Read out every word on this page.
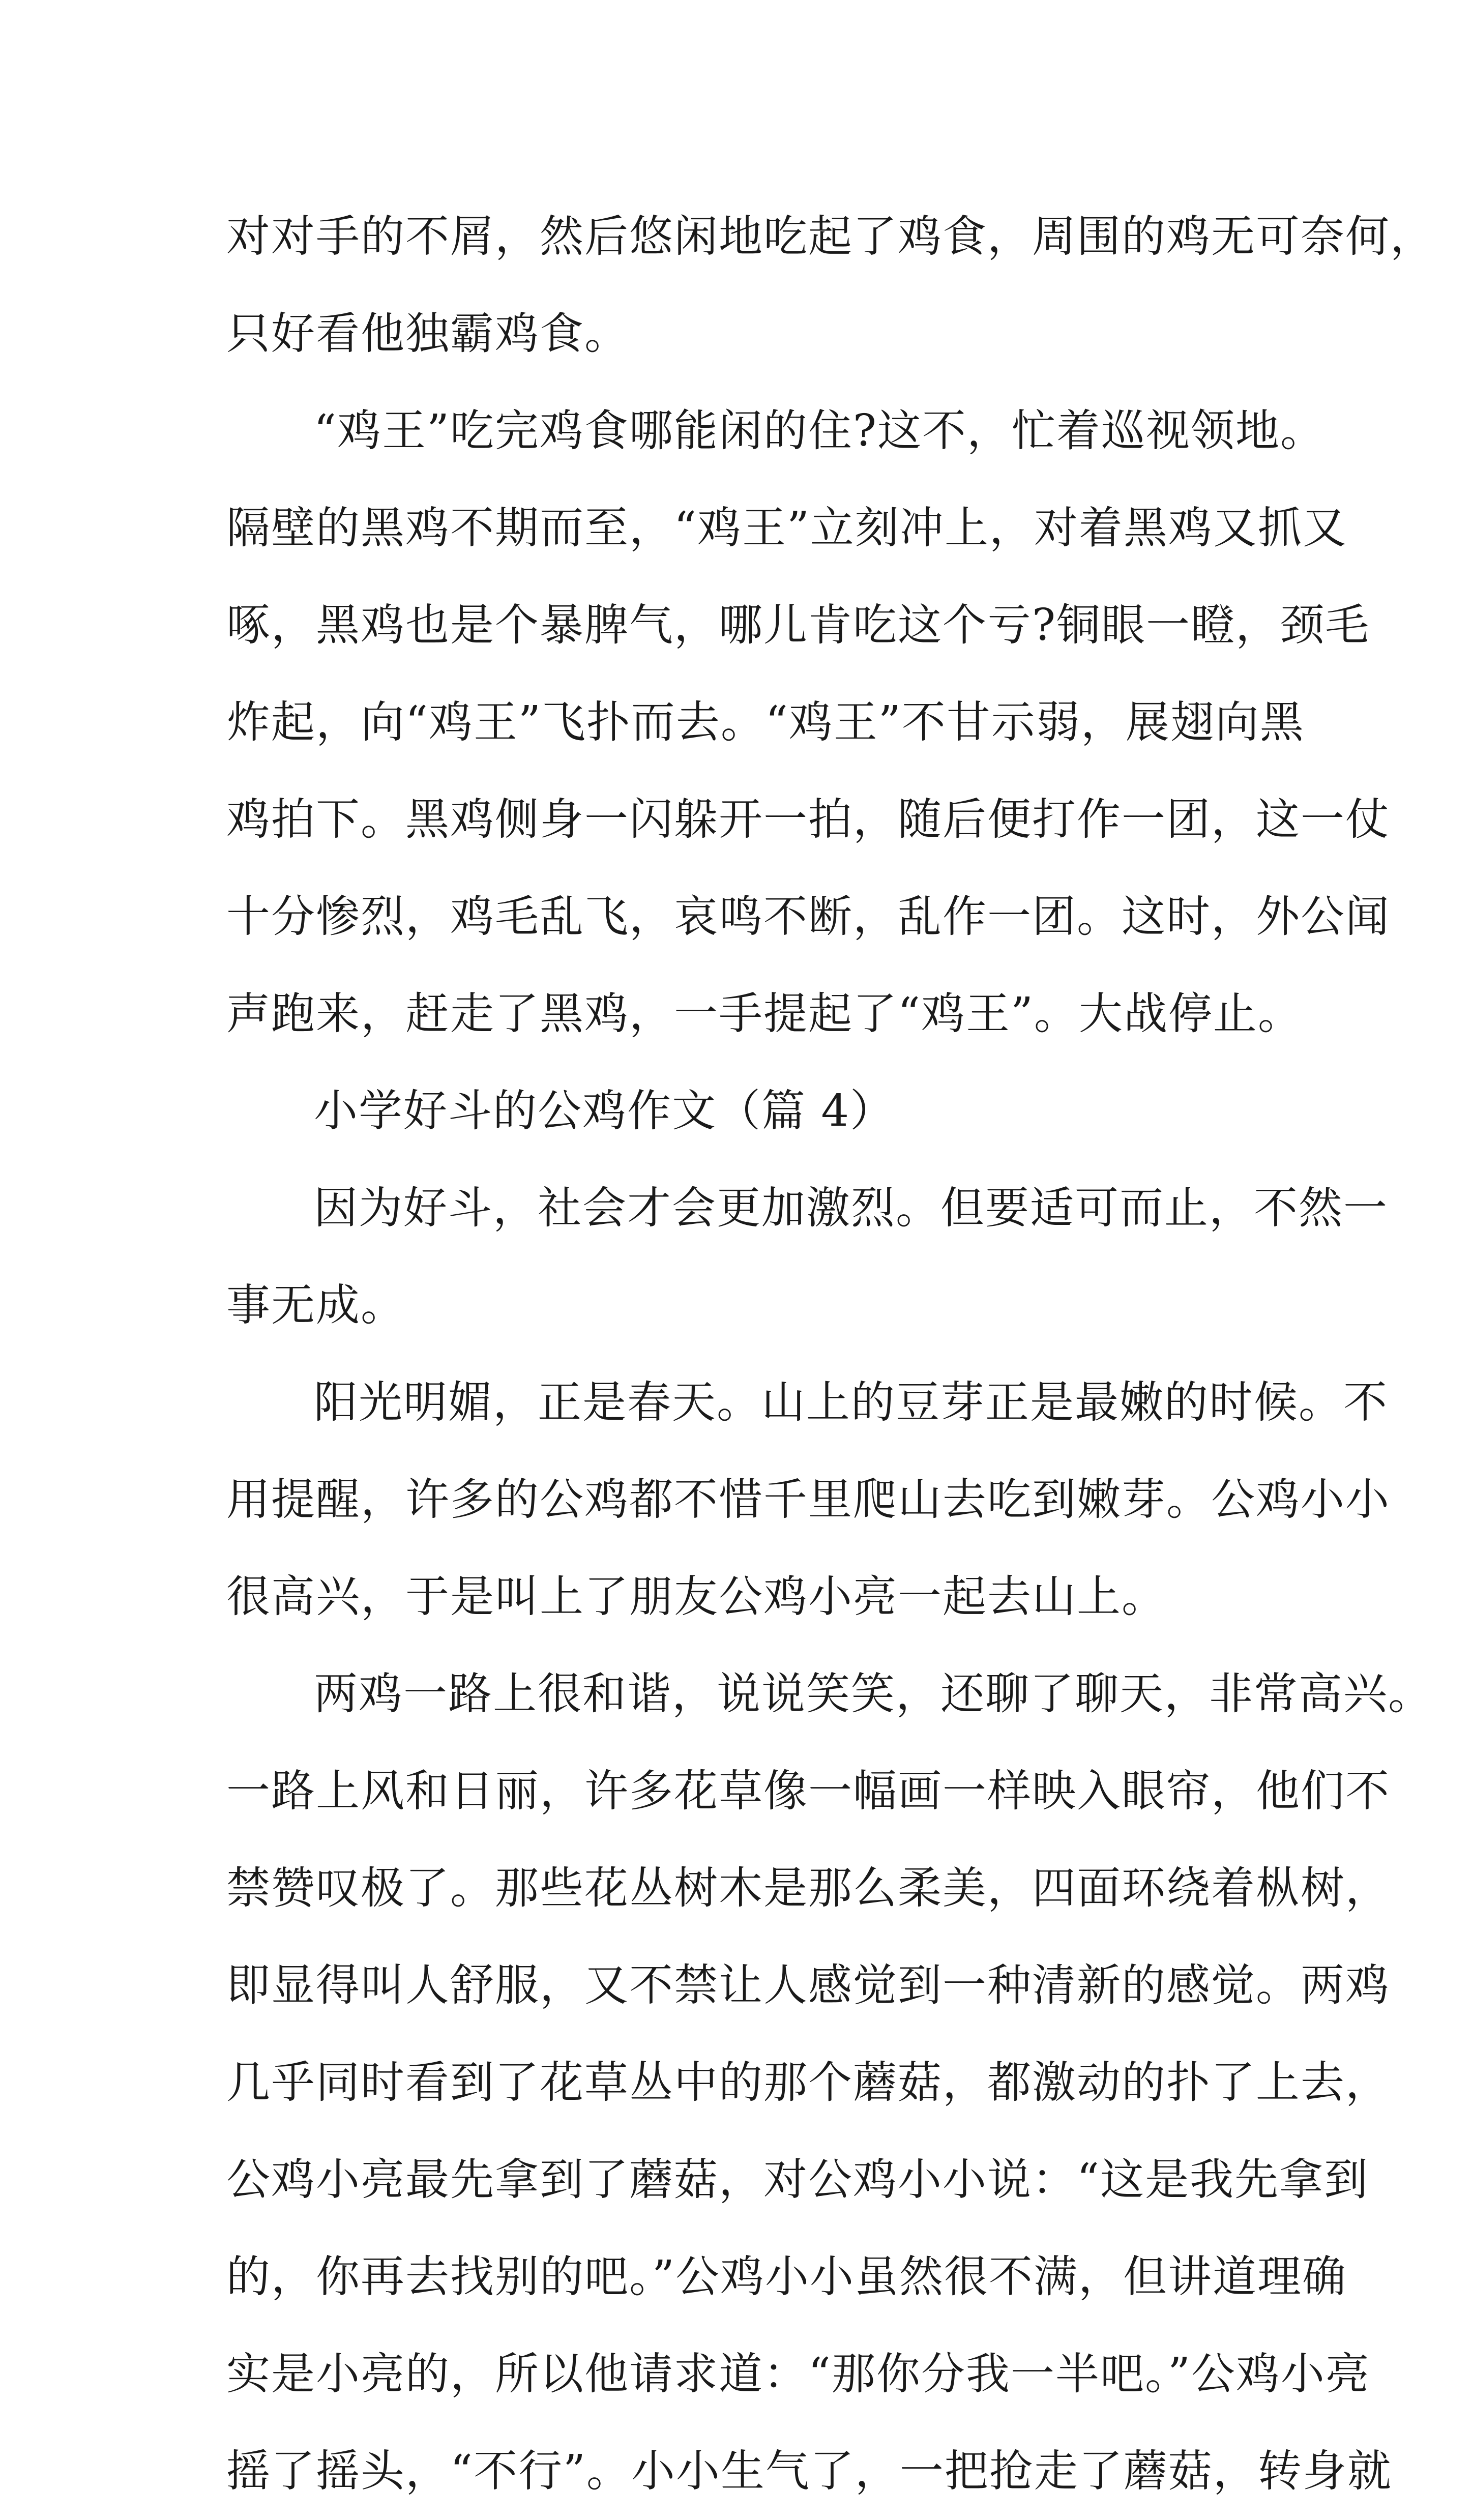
对对手的不屑，然后悠闲地吃起了鸡食，周围的鸡无可奈何，
只好看他独霸鸡食。
“鸡王”吃完鸡食哪能闲的住?这不，忙着巡视领地。
隔壁的黑鸡不期而至，“鸡王”立刻冲上，对着黑鸡又抓又
啄，黑鸡也是个暴脾气，哪儿肯吃这个亏?铜眼一瞪，颈毛
炸起，向“鸡王”飞扑而去。“鸡王”不甘示弱，展翅向黑
鸡拍下。黑鸡侧身一闪躲开一拍，随后便打作一团，这一仗
十分惨烈，鸡毛乱飞，哀鸣不断，乱作一团。这时，外公闻
声跑来，赶走了黑鸡，一手提起了“鸡王”。大战停止。
小学好斗的公鸡作文（篇 4）
因为好斗，社会才会更加激烈。但要适可而止，不然一
事无成。
阳光明媚，正是春天。山上的豆芽正是最嫩的时候。不
用提醒，许多的公鸡都不惜千里爬山去吃到嫩芽。公鸡小小
很高兴，于是叫上了朋友公鸡小亮一起去山上。
两鸡一路上很和谐，说说笑笑，还聊了聊天，非常高兴。
一路上风和日丽，许多花草像一幅画一样映入眼帘，他们不
禁赞叹极了。那些花丛树木是那么柔美，四面环绕着枞树，
即显得叫人舒服，又不禁让人感觉到一种清新的感觉。两鸡
几乎同时看到了花草丛中的那个蘑菇，都激动的扑了上去，
公鸡小亮最先拿到了蘑菇，对公鸡小小说：“这是我先拿到
的，你再去找别的吧。”公鸡小小虽然很不满，但讲道理确
实是小亮的，所以他请求道：“那你分我一半吧。”公鸡小亮
摇了摇头，“不行”。小小生气了，一把抢走了蘑菇，转身就
